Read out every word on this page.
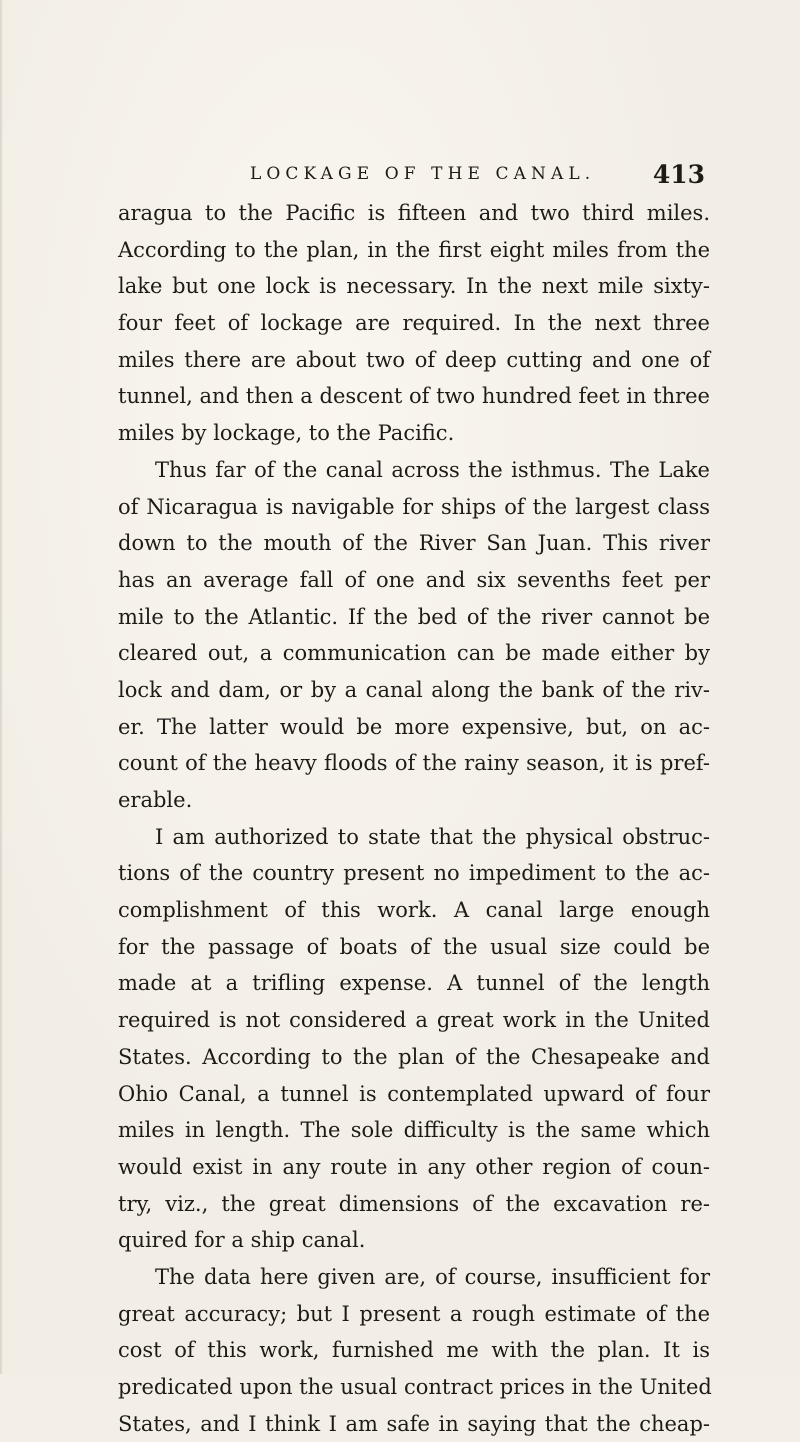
LOCKAGE OF THE CANAL. 413
aragua to the Pacific is fifteen and two third miles.
According to the plan, in the first eight miles from the
lake but one lock is necessary. In the next mile sixty-
four feet of lockage are required. In the next three
miles there are about two of deep cutting and one of
tunnel, and then a descent of two hundred feet in three
miles by lockage, to the Pacific.
Thus far of the canal across the isthmus. The Lake
of Nicaragua is navigable for ships of the largest class
down to the mouth of the River San Juan. This river
has an average fall of one and six sevenths feet per
mile to the Atlantic. If the bed of the river cannot be
cleared out, a communication can be made either by
lock and dam, or by a canal along the bank of the riv-
er. The latter would be more expensive, but, on ac-
count of the heavy floods of the rainy season, it is pref-
erable.
I am authorized to state that the physical obstruc-
tions of the country present no impediment to the ac-
complishment of this work. A canal large enough
for the passage of boats of the usual size could be
made at a trifling expense. A tunnel of the length
required is not considered a great work in the United
States. According to the plan of the Chesapeake and
Ohio Canal, a tunnel is contemplated upward of four
miles in length. The sole difficulty is the same which
would exist in any route in any other region of coun-
try, viz., the great dimensions of the excavation re-
quired for a ship canal.
The data here given are, of course, insufficient for
great accuracy; but I present a rough estimate of the
cost of this work, furnished me with the plan. It is
predicated upon the usual contract prices in the United
States, and I think I am safe in saying that the cheap-
